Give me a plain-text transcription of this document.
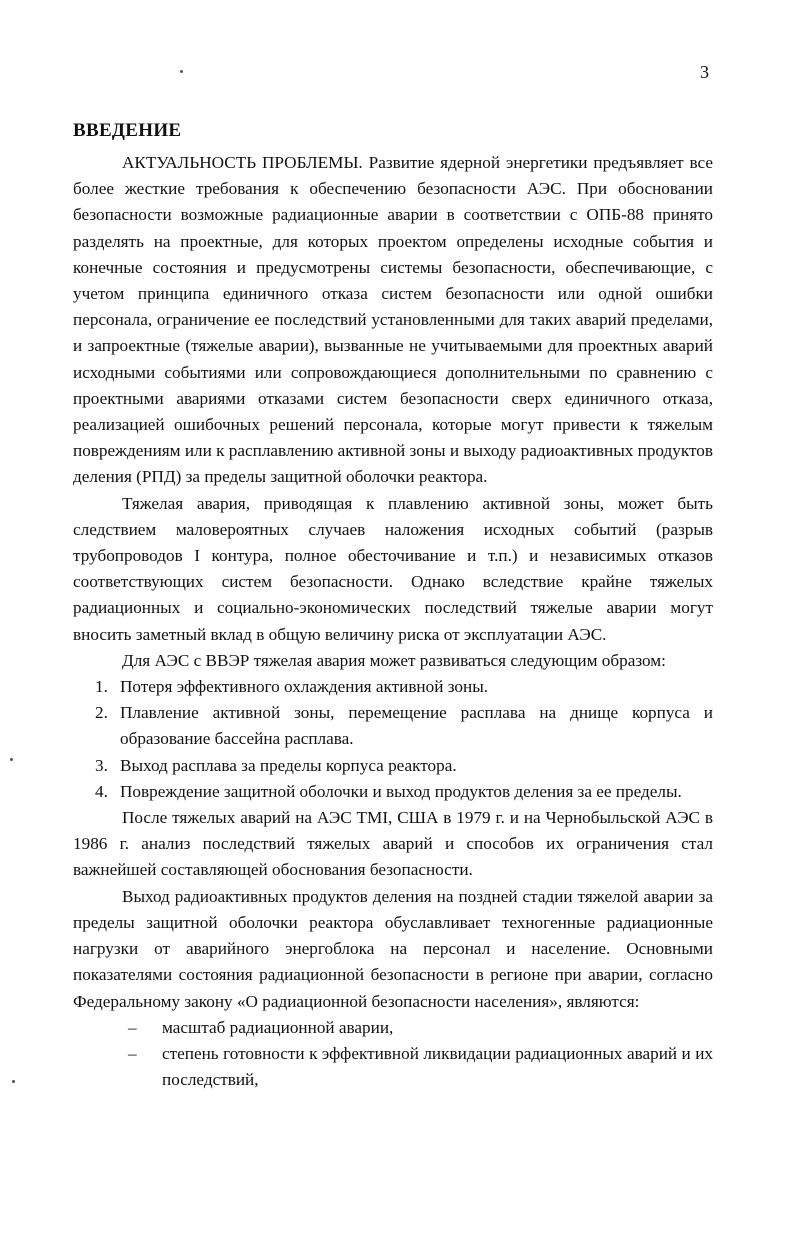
3
ВВЕДЕНИЕ

АКТУАЛЬНОСТЬ ПРОБЛЕМЫ. Развитие ядерной энергетики предъявляет все более жесткие требования к обеспечению безопасности АЭС. При обосновании безопасности возможные радиационные аварии в соответствии с ОПБ-88 принято разделять на проектные, для которых проектом определены исходные события и конечные состояния и предусмотрены системы безопасности, обеспечивающие, с учетом принципа единичного отказа систем безопасности или одной ошибки персонала, ограничение ее последствий установленными для таких аварий пределами, и запроектные (тяжелые аварии), вызванные не учитываемыми для проектных аварий исходными событиями или сопровождающиеся дополнительными по сравнению с проектными авариями отказами систем безопасности сверх единичного отказа, реализацией ошибочных решений персонала, которые могут привести к тяжелым повреждениям или к расплавлению активной зоны и выходу радиоактивных продуктов деления (РПД) за пределы защитной оболочки реактора.

Тяжелая авария, приводящая к плавлению активной зоны, может быть следствием маловероятных случаев наложения исходных событий (разрыв трубопроводов I контура, полное обесточивание и т.п.) и независимых отказов соответствующих систем безопасности. Однако вследствие крайне тяжелых радиационных и социально-экономических последствий тяжелые аварии могут вносить заметный вклад в общую величину риска от эксплуатации АЭС.

Для АЭС с ВВЭР тяжелая авария может развиваться следующим образом:

1. Потеря эффективного охлаждения активной зоны.
2. Плавление активной зоны, перемещение расплава на днище корпуса и образование бассейна расплава.
3. Выход расплава за пределы корпуса реактора.
4. Повреждение защитной оболочки и выход продуктов деления за ее пределы.

После тяжелых аварий на АЭС TMI, США в 1979 г. и на Чернобыльской АЭС в 1986 г. анализ последствий тяжелых аварий и способов их ограничения стал важнейшей составляющей обоснования безопасности.

Выход радиоактивных продуктов деления на поздней стадии тяжелой аварии за пределы защитной оболочки реактора обуславливает техногенные радиационные нагрузки от аварийного энергоблока на персонал и население. Основными показателями состояния радиационной безопасности в регионе при аварии, согласно Федеральному закону «О радиационной безопасности населения», являются:

– масштаб радиационной аварии,
– степень готовности к эффективной ликвидации радиационных аварий и их последствий,
